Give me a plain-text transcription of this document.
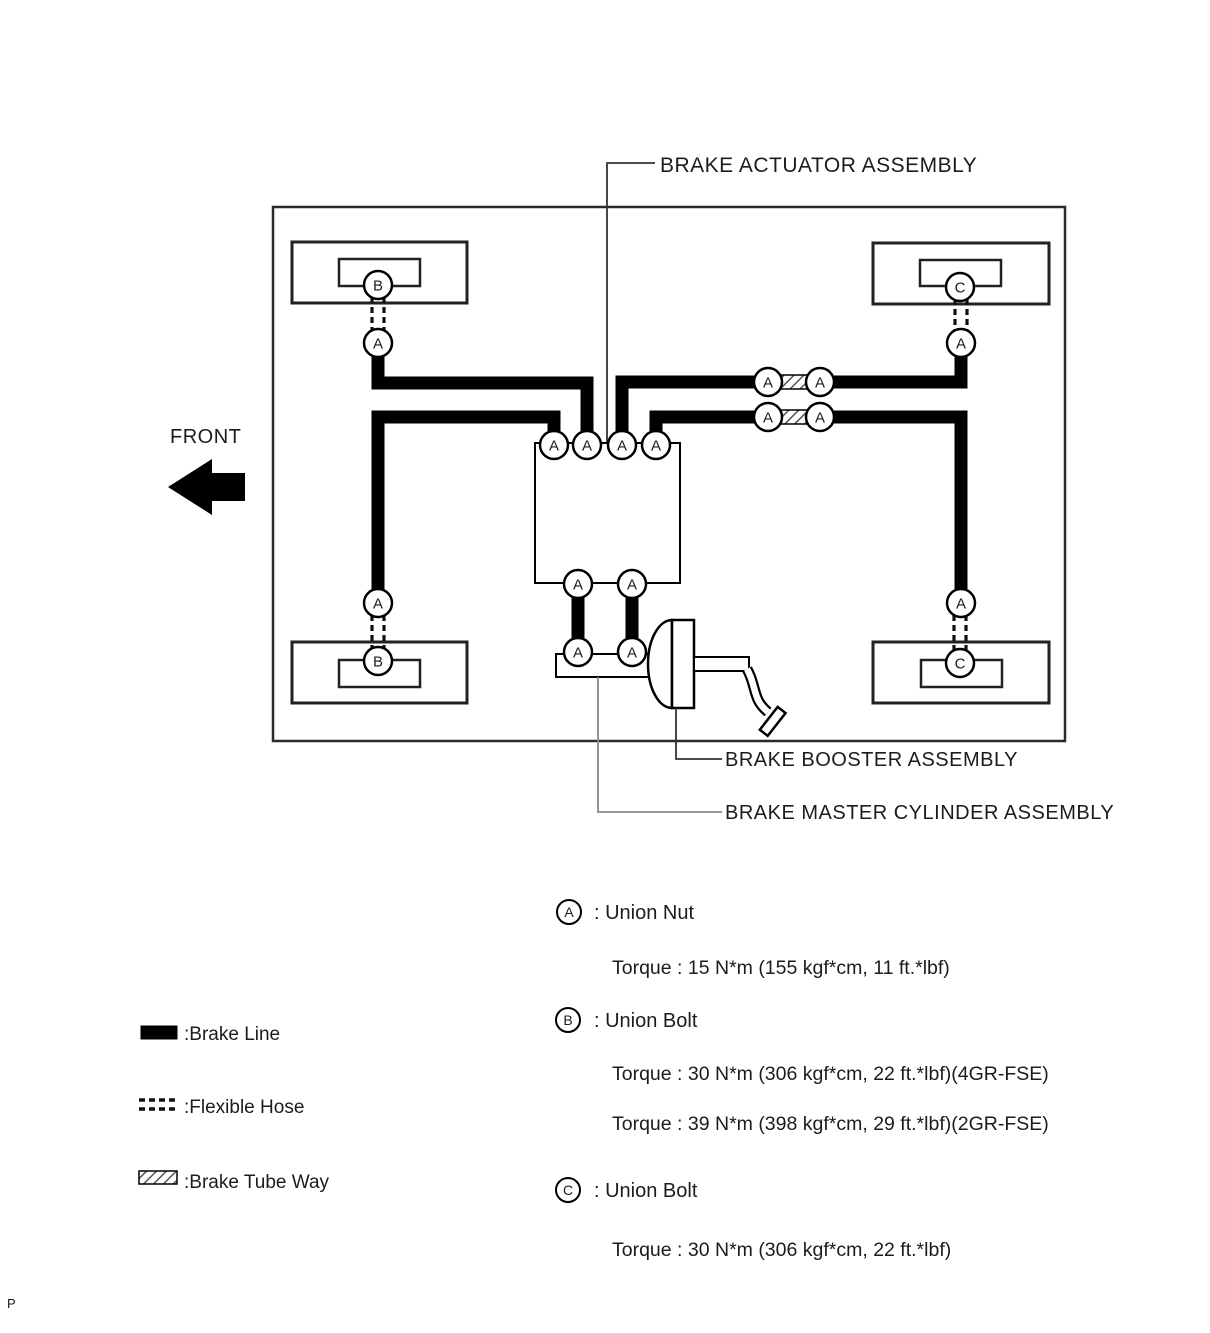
B
B
C
C
A	A
A	A
A A A A
A	A
A	A
A	A
A	A
FRONT
BRAKE ACTUATOR ASSEMBLY
BRAKE BOOSTER ASSEMBLY
BRAKE MASTER CYLINDER ASSEMBLY
:Brake Line
:Flexible Hose
:Brake Tube Way
A : Union Nut
Torque : 15 N*m (155 kgf*cm, 11 ft.*lbf)
B : Union Bolt
Torque : 30 N*m (306 kgf*cm, 22 ft.*lbf)(4GR-FSE)
Torque : 39 N*m (398 kgf*cm, 29 ft.*lbf)(2GR-FSE)
C : Union Bolt
Torque : 30 N*m (306 kgf*cm, 22 ft.*lbf)
P
